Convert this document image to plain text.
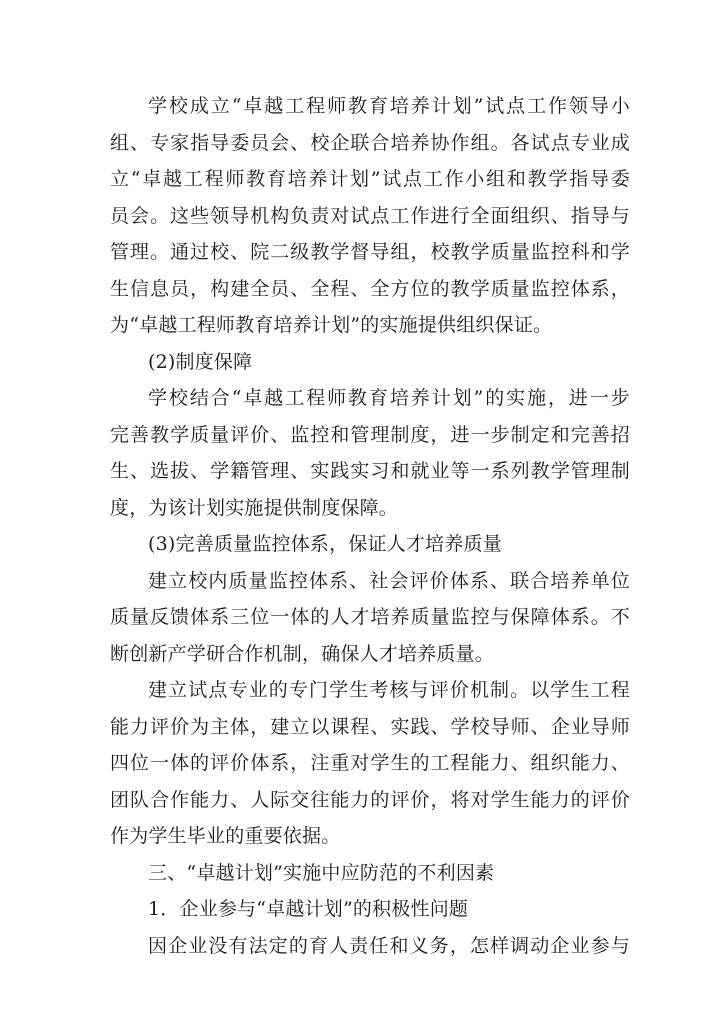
学校成立“卓越工程师教育培养计划”试点工作领导小
组、专家指导委员会、校企联合培养协作组。各试点专业成
立“卓越工程师教育培养计划”试点工作小组和教学指导委
员会。这些领导机构负责对试点工作进行全面组织、指导与
管理。通过校、院二级教学督导组，校教学质量监控科和学
生信息员，构建全员、全程、全方位的教学质量监控体系，
为“卓越工程师教育培养计划”的实施提供组织保证。
(2)制度保障
学校结合“卓越工程师教育培养计划”的实施，进一步
完善教学质量评价、监控和管理制度，进一步制定和完善招
生、选拔、学籍管理、实践实习和就业等一系列教学管理制
度，为该计划实施提供制度保障。
(3)完善质量监控体系，保证人才培养质量
建立校内质量监控体系、社会评价体系、联合培养单位
质量反馈体系三位一体的人才培养质量监控与保障体系。不
断创新产学研合作机制，确保人才培养质量。
建立试点专业的专门学生考核与评价机制。以学生工程
能力评价为主体，建立以课程、实践、学校导师、企业导师
四位一体的评价体系，注重对学生的工程能力、组织能力、
团队合作能力、人际交往能力的评价，将对学生能力的评价
作为学生毕业的重要依据。
三、“卓越计划”实施中应防范的不利因素
1．企业参与“卓越计划”的积极性问题
因企业没有法定的育人责任和义务，怎样调动企业参与
